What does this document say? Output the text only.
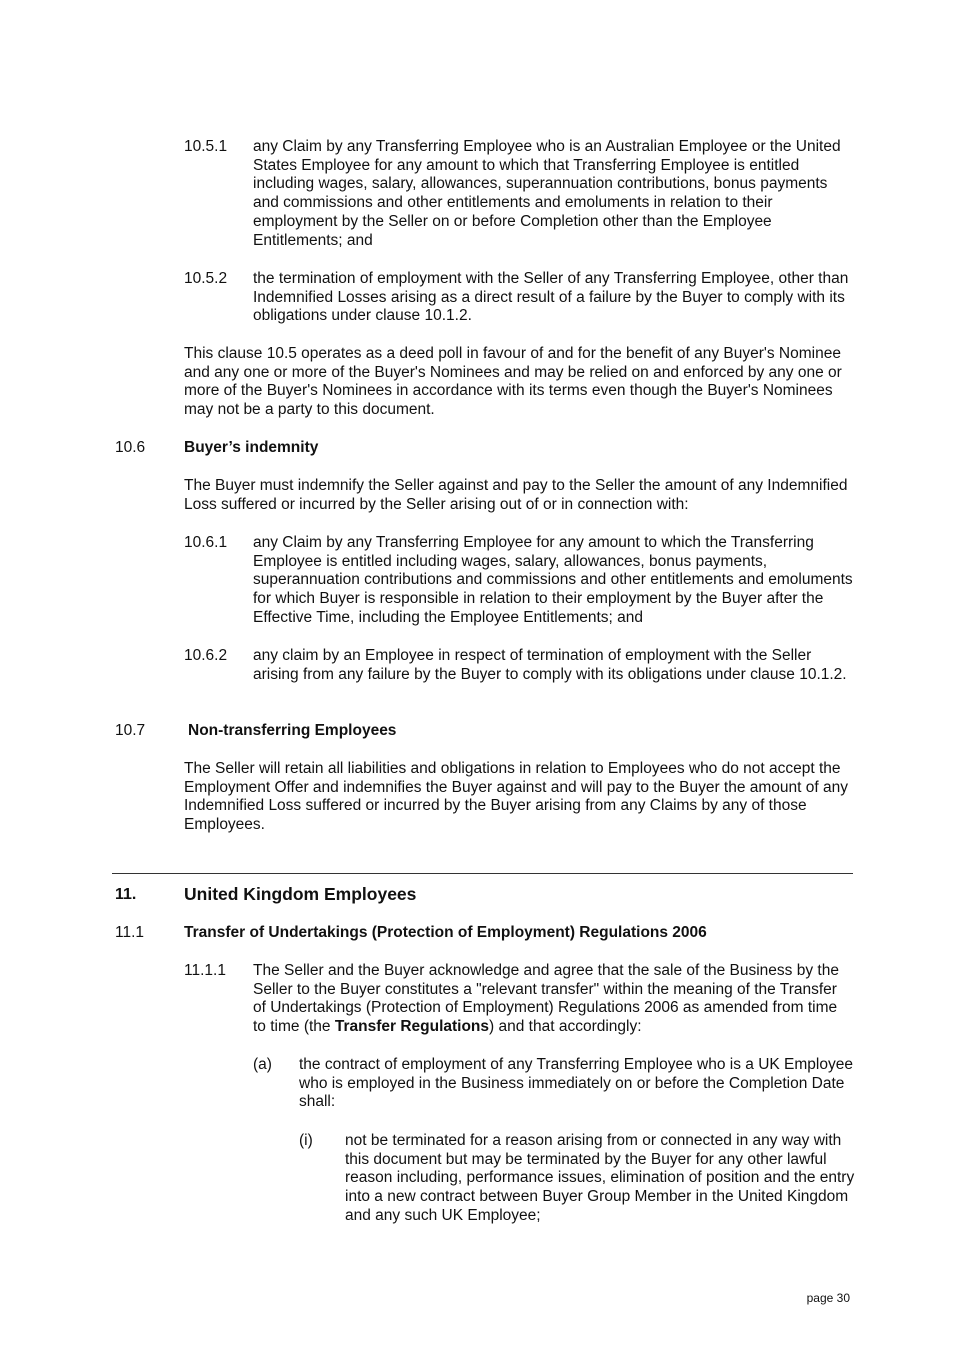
10.5.1 any Claim by any Transferring Employee who is an Australian Employee or the United States Employee for any amount to which that Transferring Employee is entitled including wages, salary, allowances, superannuation contributions, bonus payments and commissions and other entitlements and emoluments in relation to their employment by the Seller on or before Completion other than the Employee Entitlements; and
10.5.2 the termination of employment with the Seller of any Transferring Employee, other than Indemnified Losses arising as a direct result of a failure by the Buyer to comply with its obligations under clause 10.1.2.
This clause 10.5 operates as a deed poll in favour of and for the benefit of any Buyer's Nominee and any one or more of the Buyer's Nominees and may be relied on and enforced by any one or more of the Buyer's Nominees in accordance with its terms even though the Buyer's Nominees may not be a party to this document.
10.6	Buyer’s indemnity
The Buyer must indemnify the Seller against and pay to the Seller the amount of any Indemnified Loss suffered or incurred by the Seller arising out of or in connection with:
10.6.1 any Claim by any Transferring Employee for any amount to which the Transferring Employee is entitled including wages, salary, allowances, bonus payments, superannuation contributions and commissions and other entitlements and emoluments for which Buyer is responsible in relation to their employment by the Buyer after the Effective Time, including the Employee Entitlements; and
10.6.2 any claim by an Employee in respect of termination of employment with the Seller arising from any failure by the Buyer to comply with its obligations under clause 10.1.2.
10.7	Non-transferring Employees
The Seller will retain all liabilities and obligations in relation to Employees who do not accept the Employment Offer and indemnifies the Buyer against and will pay to the Buyer the amount of any Indemnified Loss suffered or incurred by the Buyer arising from any Claims by any of those Employees.
11.	United Kingdom Employees
11.1	Transfer of Undertakings (Protection of Employment) Regulations 2006
11.1.1 The Seller and the Buyer acknowledge and agree that the sale of the Business by the Seller to the Buyer constitutes a "relevant transfer" within the meaning of the Transfer of Undertakings (Protection of Employment) Regulations 2006 as amended from time to time (the Transfer Regulations) and that accordingly:
(a) the contract of employment of any Transferring Employee who is a UK Employee who is employed in the Business immediately on or before the Completion Date shall:
(i) not be terminated for a reason arising from or connected in any way with this document but may be terminated by the Buyer for any other lawful reason including, performance issues, elimination of position and the entry into a new contract between Buyer Group Member in the United Kingdom and any such UK Employee;
page 30
